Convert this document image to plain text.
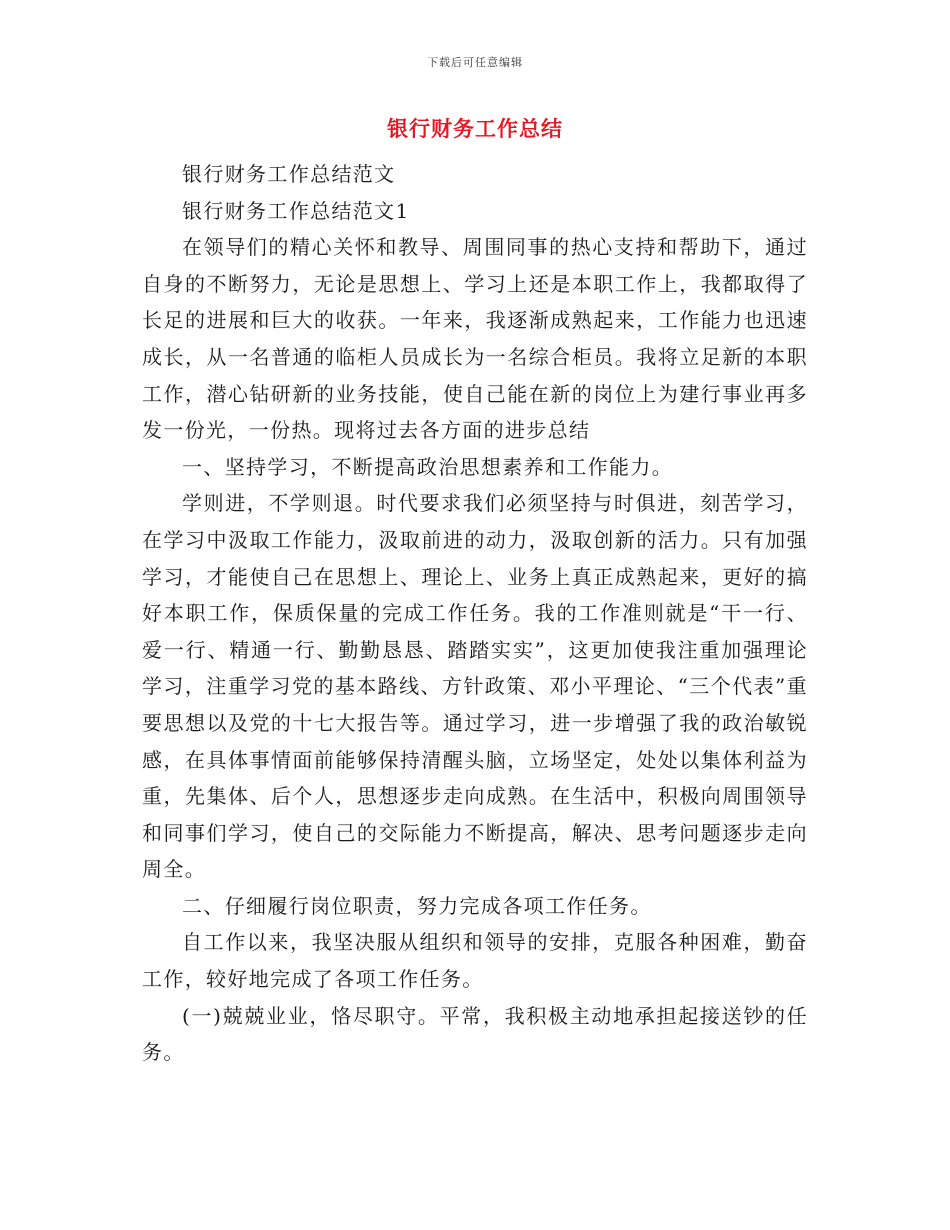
下载后可任意编辑
银行财务工作总结

银行财务工作总结范文

银行财务工作总结范文1

在领导们的精心关怀和教导、周围同事的热心支持和帮助下，通过自身的不断努力，无论是思想上、学习上还是本职工作上，我都取得了长足的进展和巨大的收获。一年来，我逐渐成熟起来，工作能力也迅速成长，从一名普通的临柜人员成长为一名综合柜员。我将立足新的本职工作，潜心钻研新的业务技能，使自己能在新的岗位上为建行事业再多发一份光，一份热。现将过去各方面的进步总结

一、坚持学习，不断提高政治思想素养和工作能力。

学则进，不学则退。时代要求我们必须坚持与时俱进，刻苦学习，在学习中汲取工作能力，汲取前进的动力，汲取创新的活力。只有加强学习，才能使自己在思想上、理论上、业务上真正成熟起来，更好的搞好本职工作，保质保量的完成工作任务。我的工作准则就是“干一行、爱一行、精通一行、勤勤恳恳、踏踏实实”，这更加使我注重加强理论学习，注重学习党的基本路线、方针政策、邓小平理论、“三个代表”重要思想以及党的十七大报告等。通过学习，进一步增强了我的政治敏锐感，在具体事情面前能够保持清醒头脑，立场坚定，处处以集体利益为重，先集体、后个人，思想逐步走向成熟。在生活中，积极向周围领导和同事们学习，使自己的交际能力不断提高，解决、思考问题逐步走向周全。

二、仔细履行岗位职责，努力完成各项工作任务。

自工作以来，我坚决服从组织和领导的安排，克服各种困难，勤奋工作，较好地完成了各项工作任务。

(一)兢兢业业，恪尽职守。平常，我积极主动地承担起接送钞的任务。
